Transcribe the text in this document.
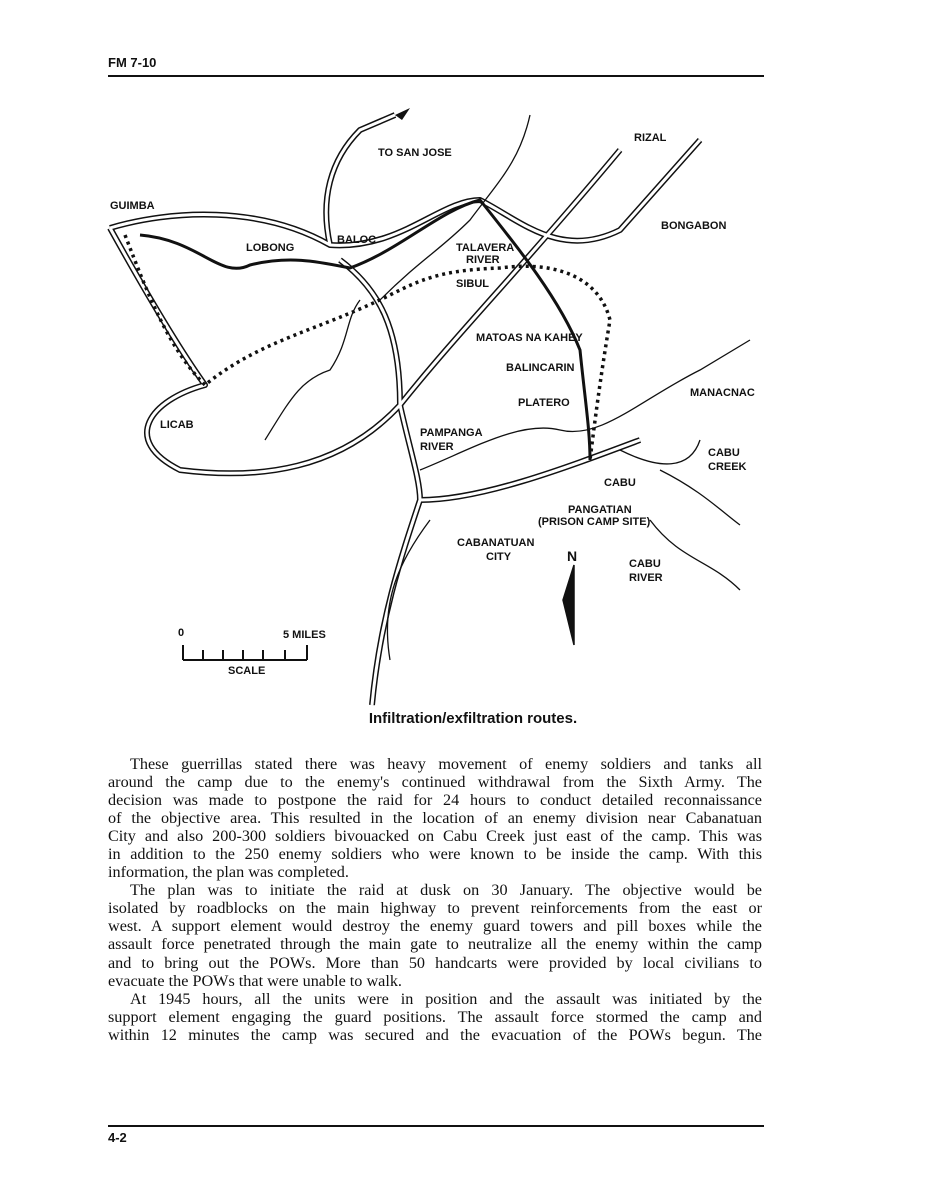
FM 7-10
TO SAN JOSE
RIZAL
GUIMBA
BONGABON
LOBONG
BALOC
TALAVERA
RIVER
SIBUL
MATOAS NA KAHEY
BALINCARIN
MANACNAC
PLATERO
LICAB
PAMPANGA
RIVER	CABU
CREEK
CABU
PANGATIAN
(PRISON CAMP SITE)
CABANATUAN
CITY	N	CABU
RIVER
0	5 MILES
SCALE
Infiltration/exfiltration routes.
These guerrillas stated there was heavy movement of enemy soldiers and tanks all
around the camp due to the enemy's continued withdrawal from the Sixth Army. The
decision was made to postpone the raid for 24 hours to conduct detailed reconnaissance
of the objective area. This resulted in the location of an enemy division near Cabanatuan
City and also 200-300 soldiers bivouacked on Cabu Creek just east of the camp. This was
in addition to the 250 enemy soldiers who were known to be inside the camp. With this
information, the plan was completed.
The plan was to initiate the raid at dusk on 30 January. The objective would be
isolated by roadblocks on the main highway to prevent reinforcements from the east or
west. A support element would destroy the enemy guard towers and pill boxes while the
assault force penetrated through the main gate to neutralize all the enemy within the camp
and to bring out the POWs. More than 50 handcarts were provided by local civilians to
evacuate the POWs that were unable to walk.
At 1945 hours, all the units were in position and the assault was initiated by the
support element engaging the guard positions. The assault force stormed the camp and
within 12 minutes the camp was secured and the evacuation of the POWs begun. The
4-2
